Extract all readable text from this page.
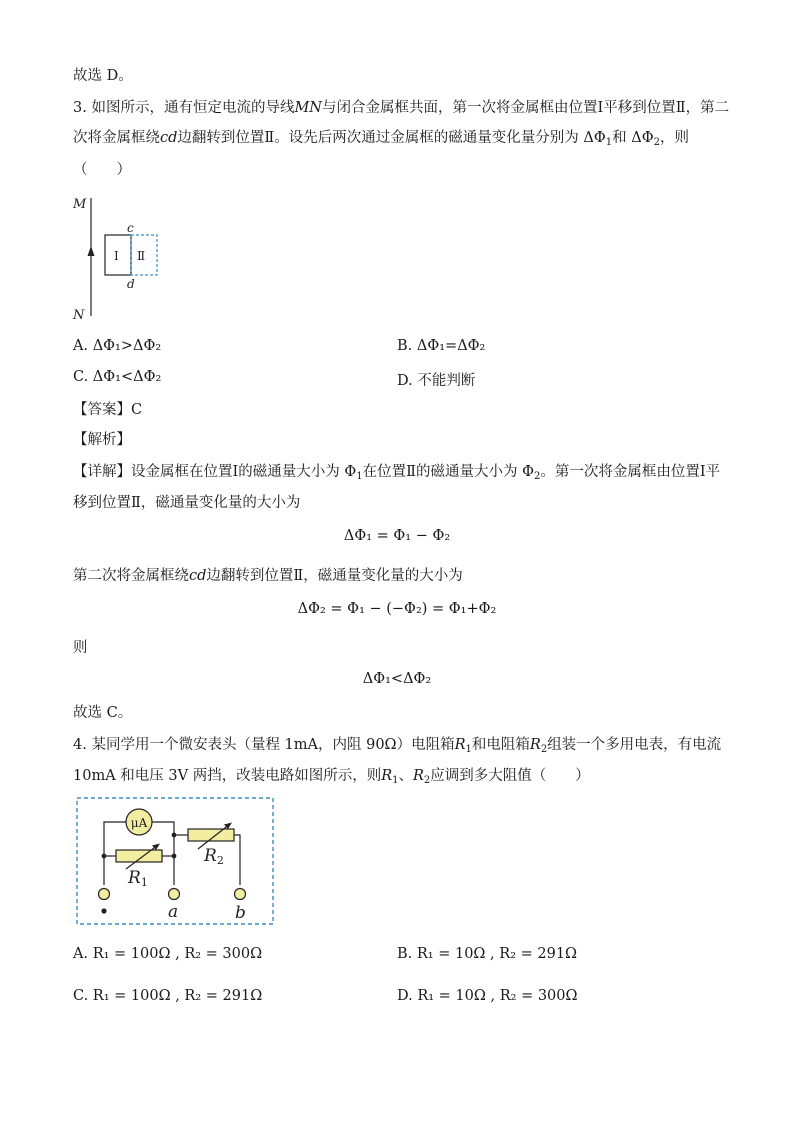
故选 D。
3. 如图所示，通有恒定电流的导线MN与闭合金属框共面，第一次将金属框由位置Ⅰ平移到位置Ⅱ，第二
次将金属框绕cd边翻转到位置Ⅱ。设先后两次通过金属框的磁通量变化量分别为 $\Delta\Phi_1$和 $\Delta\Phi_2$，则
（　　）
M
N
c
d
Ⅰ Ⅱ
A. ΔΦ₁>ΔΦ₂	B. ΔΦ₁=ΔΦ₂
C. ΔΦ₁<ΔΦ₂	D. 不能判断
【答案】C
【解析】
【详解】设金属框在位置Ⅰ的磁通量大小为 $\Phi_1$在位置Ⅱ的磁通量大小为 $\Phi_2$。第一次将金属框由位置Ⅰ平
移到位置Ⅱ，磁通量变化量的大小为
ΔΦ₁ = Φ₁ − Φ₂
第二次将金属框绕cd边翻转到位置Ⅱ，磁通量变化量的大小为
ΔΦ₂ = Φ₁ − (−Φ₂) = Φ₁+Φ₂
则
ΔΦ₁<ΔΦ₂
故选 C。
4. 某同学用一个微安表头（量程 1mA，内阻 90Ω）电阻箱$R_1$和电阻箱$R_2$组装一个多用电表，有电流
10mA 和电压 3V 两挡，改装电路如图所示，则$R_1$、$R_2$应调到多大阻值（　　）
μA
R1
R2
a	b
A. R₁ = 100Ω , R₂ = 300Ω	B. R₁ = 10Ω , R₂ = 291Ω
C. R₁ = 100Ω , R₂ = 291Ω	D. R₁ = 10Ω , R₂ = 300Ω
